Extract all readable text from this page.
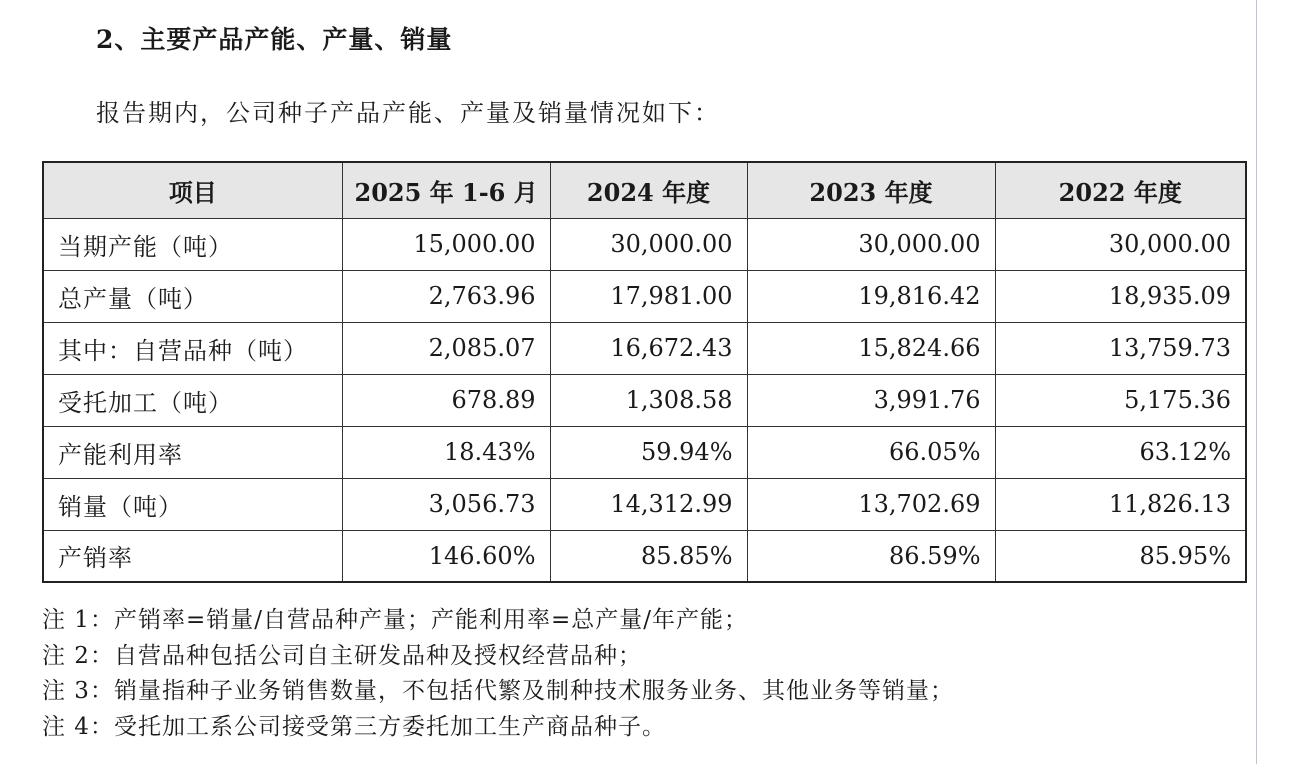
2、主要产品产能、产量、销量

报告期内，公司种子产品产能、产量及销量情况如下：

项目	2025 年 1-6 月	2024 年度	2023 年度	2022 年度
当期产能（吨）	15,000.00	30,000.00	30,000.00	30,000.00
总产量（吨）	2,763.96	17,981.00	19,816.42	18,935.09
其中：自营品种（吨）	2,085.07	16,672.43	15,824.66	13,759.73
受托加工（吨）	678.89	1,308.58	3,991.76	5,175.36
产能利用率	18.43%	59.94%	66.05%	63.12%
销量（吨）	3,056.73	14,312.99	13,702.69	11,826.13
产销率	146.60%	85.85%	86.59%	85.95%
注 1：产销率=销量/自营品种产量；产能利用率=总产量/年产能；
注 2：自营品种包括公司自主研发品种及授权经营品种；
注 3：销量指种子业务销售数量，不包括代繁及制种技术服务业务、其他业务等销量；
注 4：受托加工系公司接受第三方委托加工生产商品种子。
